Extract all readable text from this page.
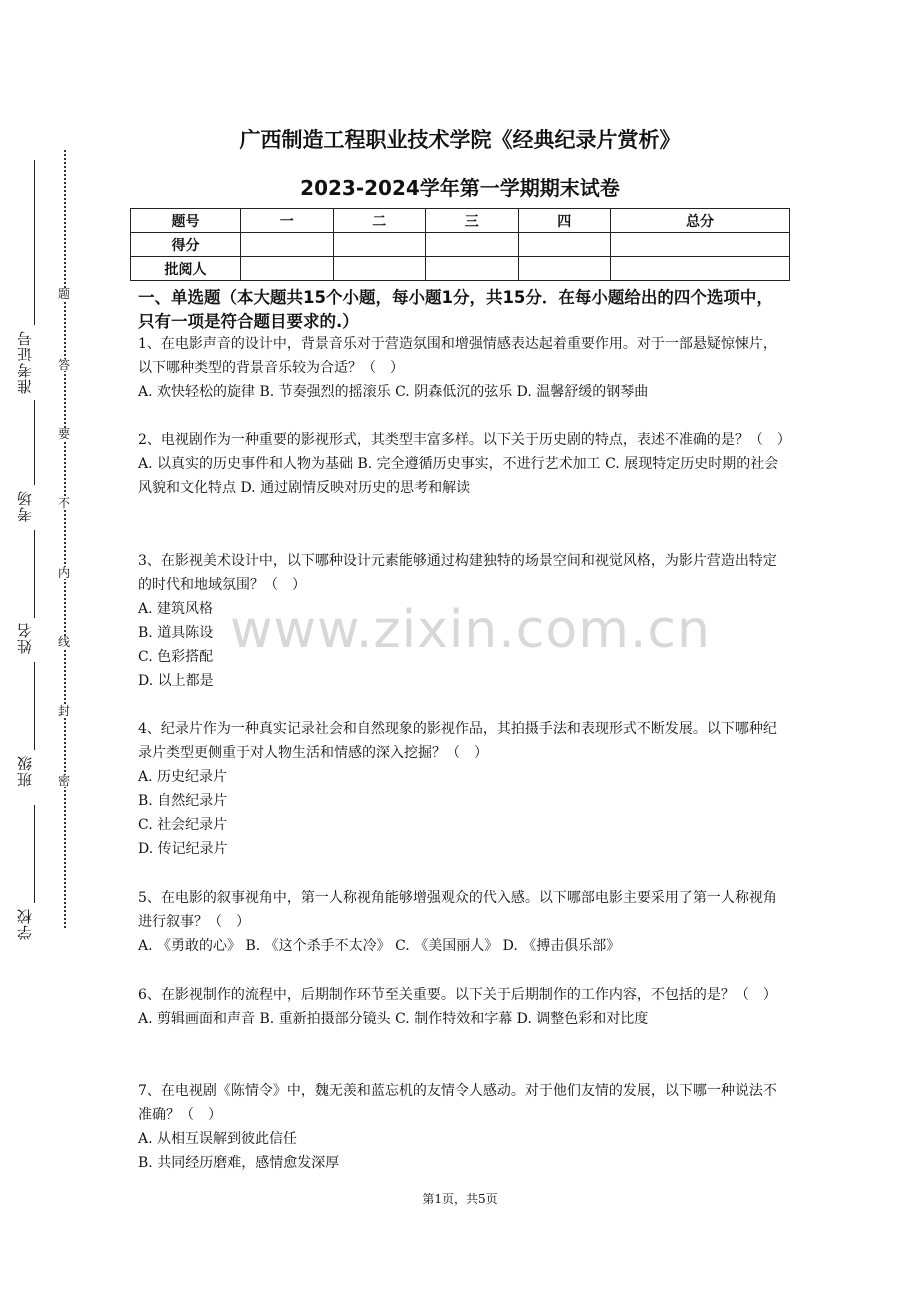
题
答
要
不
内
线
封
密
准考证号
考场
姓名
班级
学校
广西制造工程职业技术学院《经典纪录片赏析》
2023-2024学年第一学期期末试卷
题号	一	二	三	四	总分
得分					
批阅人					
一、单选题（本大题共15个小题，每小题1分，共15分．在每小题给出的四个选项中，只有一项是符合题目要求的.）

1、在电影声音的设计中，背景音乐对于营造氛围和增强情感表达起着重要作用。对于一部悬疑惊悚片，以下哪种类型的背景音乐较为合适？（　）

A. 欢快轻松的旋律 B. 节奏强烈的摇滚乐 C. 阴森低沉的弦乐 D. 温馨舒缓的钢琴曲

2、电视剧作为一种重要的影视形式，其类型丰富多样。以下关于历史剧的特点，表述不准确的是？（　）

A. 以真实的历史事件和人物为基础 B. 完全遵循历史事实，不进行艺术加工 C. 展现特定历史时期的社会风貌和文化特点 D. 通过剧情反映对历史的思考和解读

3、在影视美术设计中，以下哪种设计元素能够通过构建独特的场景空间和视觉风格，为影片营造出特定的时代和地域氛围？（　）

A. 建筑风格

B. 道具陈设

C. 色彩搭配

D. 以上都是

4、纪录片作为一种真实记录社会和自然现象的影视作品，其拍摄手法和表现形式不断发展。以下哪种纪录片类型更侧重于对人物生活和情感的深入挖掘？（　）

A. 历史纪录片

B. 自然纪录片

C. 社会纪录片

D. 传记纪录片

5、在电影的叙事视角中，第一人称视角能够增强观众的代入感。以下哪部电影主要采用了第一人称视角进行叙事？（　）

A. 《勇敢的心》 B. 《这个杀手不太冷》 C. 《美国丽人》 D. 《搏击俱乐部》

6、在影视制作的流程中，后期制作环节至关重要。以下关于后期制作的工作内容，不包括的是？（　）

A. 剪辑画面和声音 B. 重新拍摄部分镜头 C. 制作特效和字幕 D. 调整色彩和对比度

7、在电视剧《陈情令》中，魏无羡和蓝忘机的友情令人感动。对于他们友情的发展，以下哪一种说法不准确？（　）

A. 从相互误解到彼此信任

B. 共同经历磨难，感情愈发深厚

www.zixin.com.cn
第1页，共5页
